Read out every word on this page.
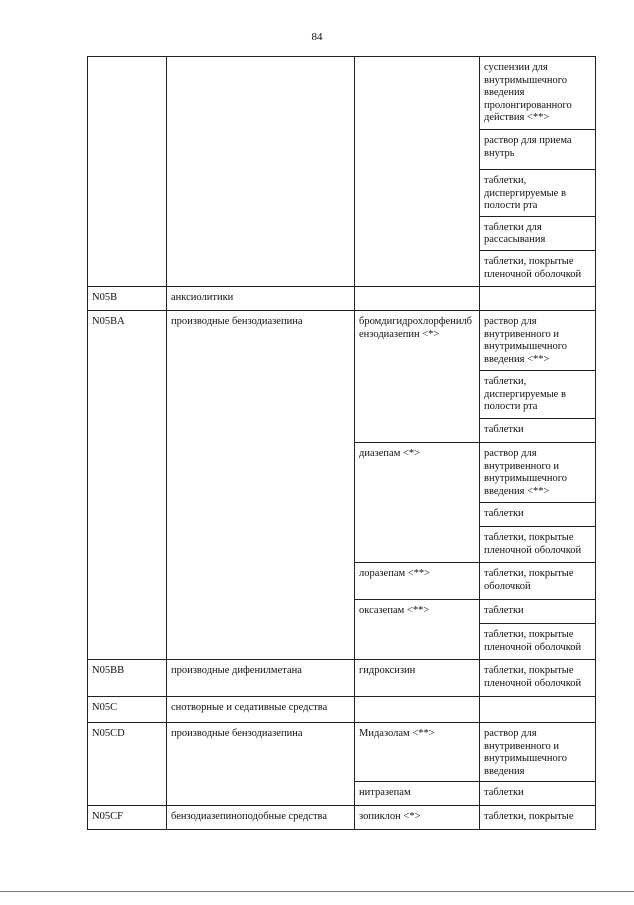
84
			суспензии для внутримышечного введения пролонгированного действия <**>
			раствор для приема внутрь
			таблетки, диспергируемые в полости рта
			таблетки для рассасывания
			таблетки, покрытые пленочной оболочкой
N05B	анксиолитики		
N05BA	производные бензодиазепина	бромдигидрохлорфенилб ензодиазепин <*>	раствор для внутривенного и внутримышечного введения <**>
			таблетки, диспергируемые в полости рта
			таблетки
		диазепам <*>	раствор для внутривенного и внутримышечного введения <**>
			таблетки
			таблетки, покрытые пленочной оболочкой
		лоразепам <**>	таблетки, покрытые оболочкой
		оксазепам <**>	таблетки
			таблетки, покрытые пленочной оболочкой
N05BB	производные дифенилметана	гидроксизин	таблетки, покрытые пленочной оболочкой
N05C	снотворные и седативные средства		
N05CD	производные бензодиазепина	Мидазолам <**>	раствор для внутривенного и внутримышечного введения
		нитразепам	таблетки
N05CF	бензодиазепиноподобные средства	зопиклон <*>	таблетки, покрытые
